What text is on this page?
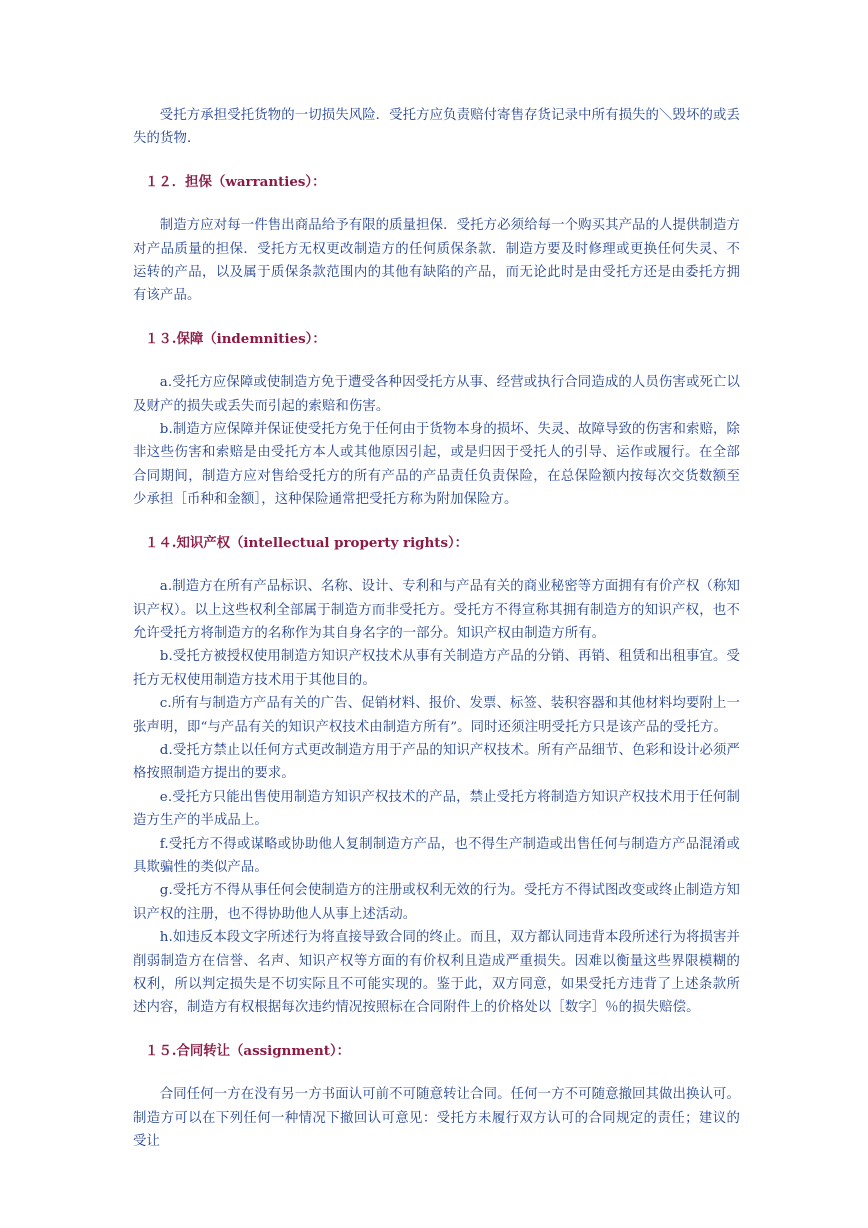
受托方承担受托货物的一切损失风险．受托方应负责赔付寄售存货记录中所有损失的＼毁坏的或丢失的货物．

１２．担保（warranties）：

制造方应对每一件售出商品给予有限的质量担保．受托方必须给每一个购买其产品的人提供制造方对产品质量的担保．受托方无权更改制造方的任何质保条款．制造方要及时修理或更换任何失灵、不运转的产品，以及属于质保条款范围内的其他有缺陷的产品，而无论此时是由受托方还是由委托方拥有该产品。

１３.保障（indemnities）：

a.受托方应保障或使制造方免于遭受各种因受托方从事、经营或执行合同造成的人员伤害或死亡以及财产的损失或丢失而引起的索赔和伤害。

b.制造方应保障并保证使受托方免于任何由于货物本身的损坏、失灵、故障导致的伤害和索赔，除非这些伤害和索赔是由受托方本人或其他原因引起，或是归因于受托人的引导、运作或履行。在全部合同期间，制造方应对售给受托方的所有产品的产品责任负责保险，在总保险额内按每次交货数额至少承担［币种和金额］，这种保险通常把受托方称为附加保险方。

１４.知识产权（intellectual property rights）：

a.制造方在所有产品标识、名称、设计、专利和与产品有关的商业秘密等方面拥有有价产权（称知识产权）。以上这些权利全部属于制造方而非受托方。受托方不得宣称其拥有制造方的知识产权，也不允许受托方将制造方的名称作为其自身名字的一部分。知识产权由制造方所有。

b.受托方被授权使用制造方知识产权技术从事有关制造方产品的分销、再销、租赁和出租事宜。受托方无权使用制造方技术用于其他目的。

c.所有与制造方产品有关的广告、促销材料、报价、发票、标签、装积容器和其他材料均要附上一张声明，即“与产品有关的知识产权技术由制造方所有”。同时还须注明受托方只是该产品的受托方。

d.受托方禁止以任何方式更改制造方用于产品的知识产权技术。所有产品细节、色彩和设计必须严格按照制造方提出的要求。

e.受托方只能出售使用制造方知识产权技术的产品，禁止受托方将制造方知识产权技术用于任何制造方生产的半成品上。

f.受托方不得或谋略或协助他人复制制造方产品，也不得生产制造或出售任何与制造方产品混淆或具欺骗性的类似产品。

g.受托方不得从事任何会使制造方的注册或权利无效的行为。受托方不得试图改变或终止制造方知识产权的注册，也不得协助他人从事上述活动。

h.如违反本段文字所述行为将直接导致合同的终止。而且，双方都认同违背本段所述行为将损害并削弱制造方在信誉、名声、知识产权等方面的有价权利且造成严重损失。因难以衡量这些界限模糊的权利，所以判定损失是不切实际且不可能实现的。鉴于此，双方同意，如果受托方违背了上述条款所述内容，制造方有权根据每次违约情况按照标在合同附件上的价格处以［数字］％的损失赔偿。

１５.合同转让（assignment）：

合同任何一方在没有另一方书面认可前不可随意转让合同。任何一方不可随意撤回其做出换认可。制造方可以在下列任何一种情况下撤回认可意见：受托方未履行双方认可的合同规定的责任；建议的受让
